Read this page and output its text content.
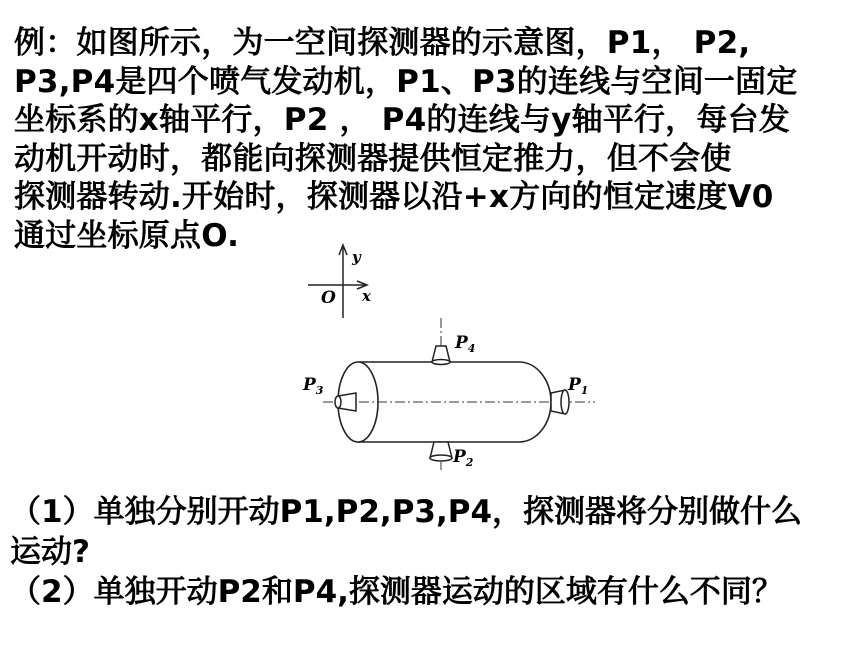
例：如图所示，为一空间探测器的示意图，P1， P2,
P3,P4是四个喷气发动机，P1、P3的连线与空间一固定
坐标系的x轴平行，P2 ， P4的连线与y轴平行，每台发
动机开动时，都能向探测器提供恒定推力，但不会使
探测器转动.开始时，探测器以沿+x方向的恒定速度V0
通过坐标原点O.
y
x
O
$P_4$
$P_2$
$P_3$	$P_1$
（1）单独分别开动P1,P2,P3,P4，探测器将分别做什么
运动?
（2）单独开动P2和P4,探测器运动的区域有什么不同？
